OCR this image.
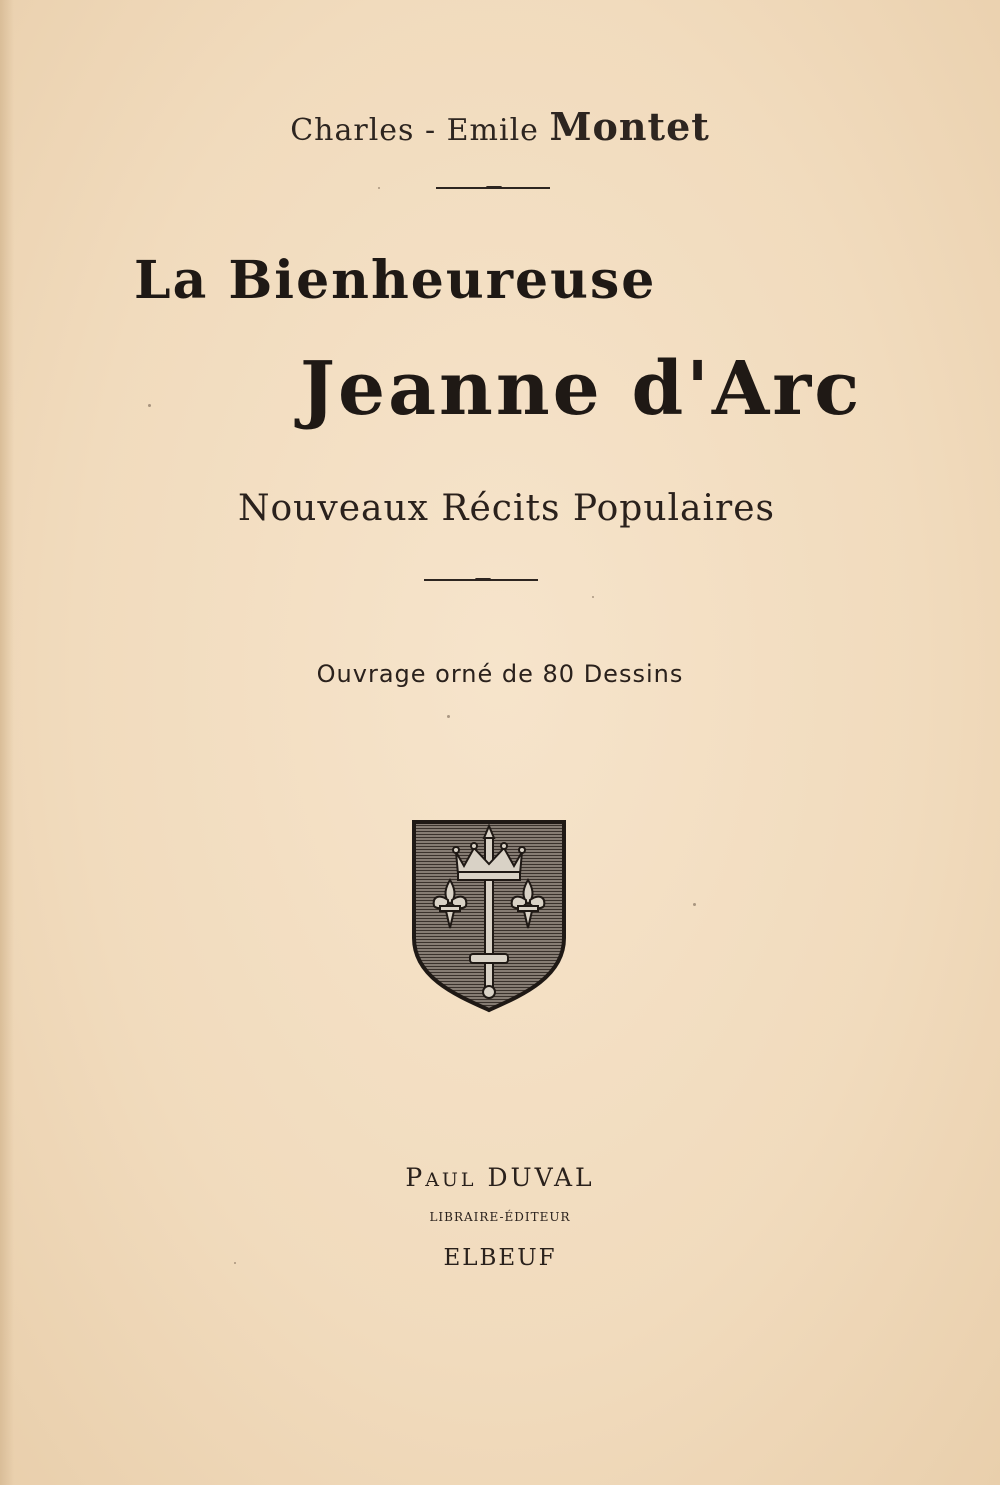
Charles - Emile Montet
La Bienheureuse
Jeanne d'Arc
Nouveaux Récits Populaires
Ouvrage orné de 80 Dessins
PAUL DUVAL
LIBRAIRE-ÉDITEUR
ELBEUF
